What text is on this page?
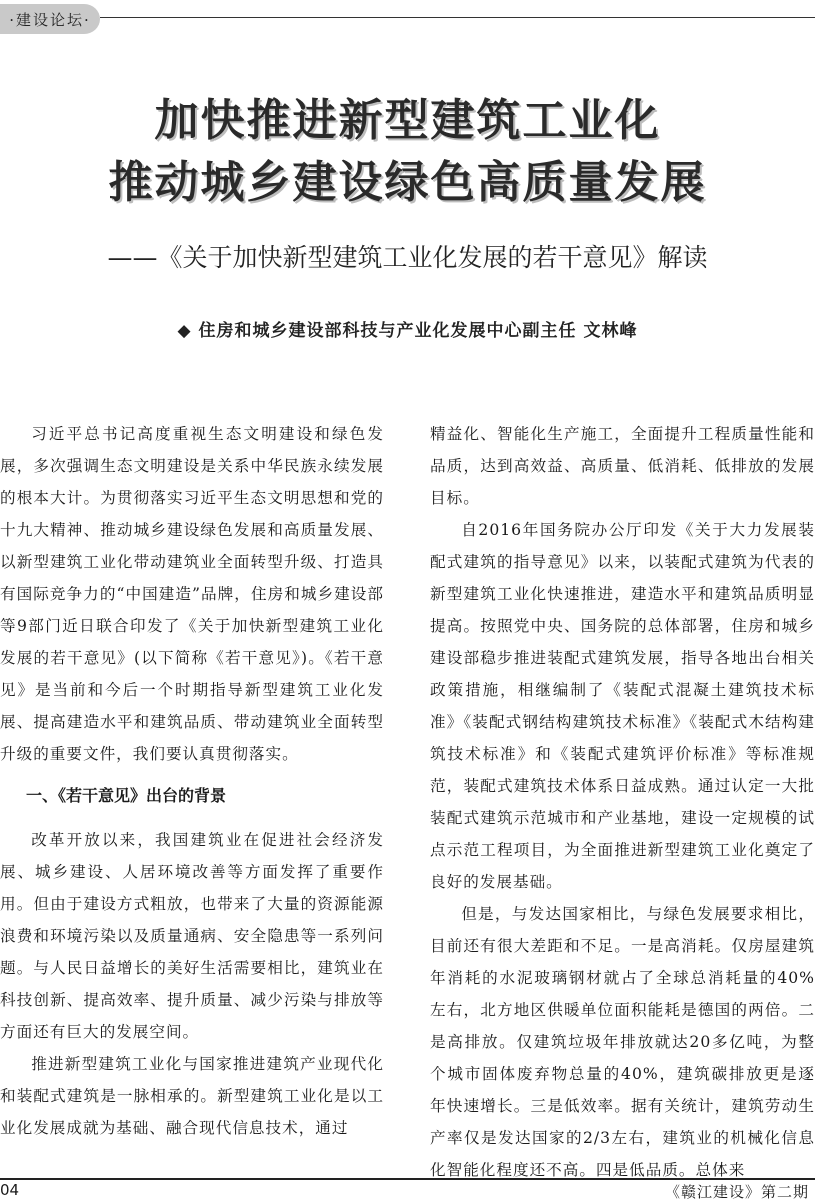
·建设论坛·
加快推进新型建筑工业化
推动城乡建设绿色高质量发展
——《关于加快新型建筑工业化发展的若干意见》解读
◆ 住房和城乡建设部科技与产业化发展中心副主任 文林峰

习近平总书记高度重视生态文明建设和绿色发展，多次强调生态文明建设是关系中华民族永续发展的根本大计。为贯彻落实习近平生态文明思想和党的十九大精神、推动城乡建设绿色发展和高质量发展、以新型建筑工业化带动建筑业全面转型升级、打造具有国际竞争力的“中国建造”品牌，住房和城乡建设部等9部门近日联合印发了《关于加快新型建筑工业化发展的若干意见》(以下简称《若干意见》)。《若干意见》是当前和今后一个时期指导新型建筑工业化发展、提高建造水平和建筑品质、带动建筑业全面转型升级的重要文件，我们要认真贯彻落实。

一、《若干意见》出台的背景

改革开放以来，我国建筑业在促进社会经济发展、城乡建设、人居环境改善等方面发挥了重要作用。但由于建设方式粗放，也带来了大量的资源能源浪费和环境污染以及质量通病、安全隐患等一系列问题。与人民日益增长的美好生活需要相比，建筑业在科技创新、提高效率、提升质量、减少污染与排放等方面还有巨大的发展空间。

推进新型建筑工业化与国家推进建筑产业现代化和装配式建筑是一脉相承的。新型建筑工业化是以工业化发展成就为基础、融合现代信息技术，通过

精益化、智能化生产施工，全面提升工程质量性能和品质，达到高效益、高质量、低消耗、低排放的发展目标。

自2016年国务院办公厅印发《关于大力发展装配式建筑的指导意见》以来，以装配式建筑为代表的新型建筑工业化快速推进，建造水平和建筑品质明显提高。按照党中央、国务院的总体部署，住房和城乡建设部稳步推进装配式建筑发展，指导各地出台相关政策措施，相继编制了《装配式混凝土建筑技术标准》《装配式钢结构建筑技术标准》《装配式木结构建筑技术标准》和《装配式建筑评价标准》等标准规范，装配式建筑技术体系日益成熟。通过认定一大批装配式建筑示范城市和产业基地，建设一定规模的试点示范工程项目，为全面推进新型建筑工业化奠定了良好的发展基础。

但是，与发达国家相比，与绿色发展要求相比，目前还有很大差距和不足。一是高消耗。仅房屋建筑年消耗的水泥玻璃钢材就占了全球总消耗量的40%左右，北方地区供暖单位面积能耗是德国的两倍。二是高排放。仅建筑垃圾年排放就达20多亿吨，为整个城市固体废弃物总量的40%，建筑碳排放更是逐年快速增长。三是低效率。据有关统计，建筑劳动生产率仅是发达国家的2/3左右，建筑业的机械化信息化智能化程度还不高。四是低品质。总体来

04	《赣江建设》第二期
